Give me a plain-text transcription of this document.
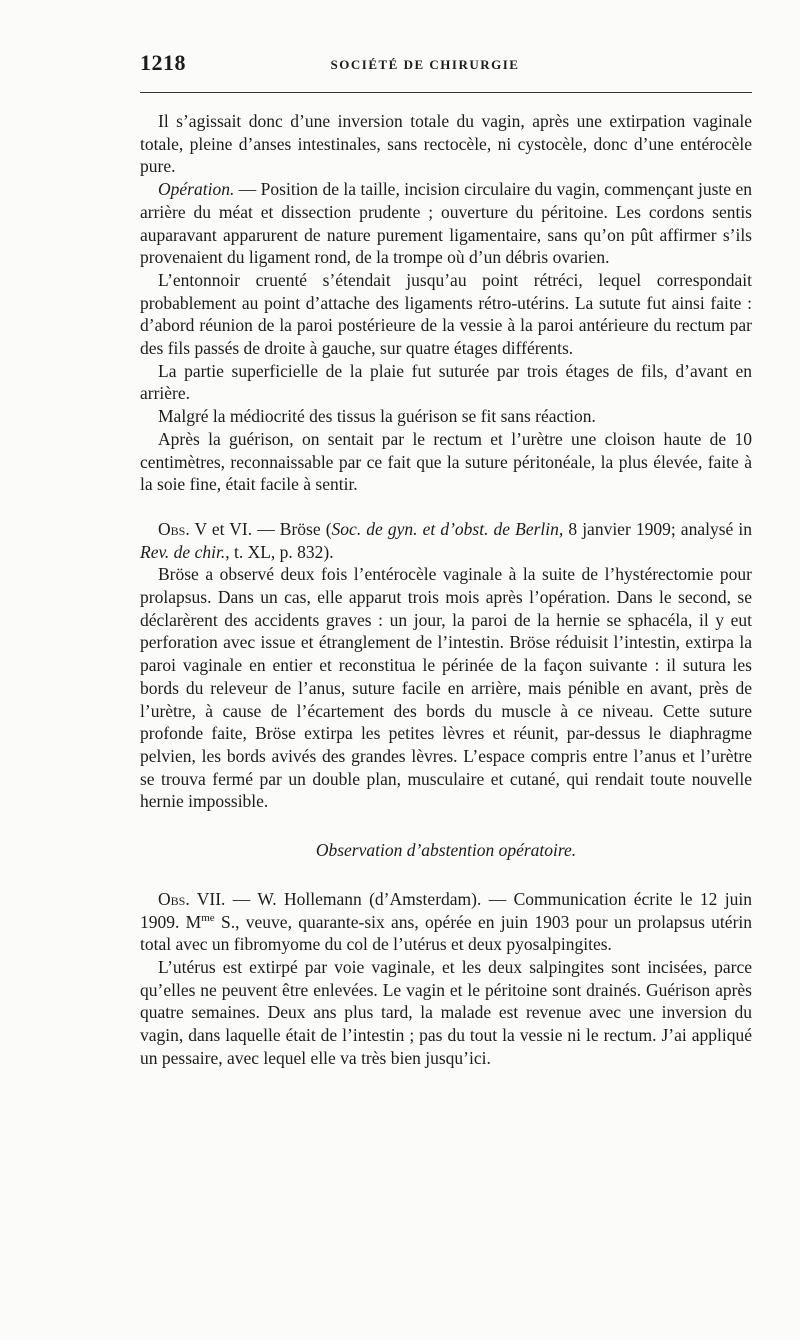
1218	SOCIÉTÉ DE CHIRURGIE

Il s’agissait donc d’une inversion totale du vagin, après une extirpation vaginale totale, pleine d’anses intestinales, sans rectocèle, ni cystocèle, donc d’une entérocèle pure.

Opération. — Position de la taille, incision circulaire du vagin, commençant juste en arrière du méat et dissection prudente ; ouverture du péritoine. Les cordons sentis auparavant apparurent de nature purement ligamentaire, sans qu’on pût affirmer s’ils provenaient du ligament rond, de la trompe où d’un débris ovarien.

L’entonnoir cruenté s’étendait jusqu’au point rétréci, lequel correspondait probablement au point d’attache des ligaments rétro-utérins. La sutute fut ainsi faite : d’abord réunion de la paroi postérieure de la vessie à la paroi antérieure du rectum par des fils passés de droite à gauche, sur quatre étages différents.

La partie superficielle de la plaie fut suturée par trois étages de fils, d’avant en arrière.

Malgré la médiocrité des tissus la guérison se fit sans réaction.

Après la guérison, on sentait par le rectum et l’urètre une cloison haute de 10 centimètres, reconnaissable par ce fait que la suture péritonéale, la plus élevée, faite à la soie fine, était facile à sentir.

Obs. V et VI. — Bröse (Soc. de gyn. et d’obst. de Berlin, 8 janvier 1909; analysé in Rev. de chir., t. XL, p. 832).

Bröse a observé deux fois l’entérocèle vaginale à la suite de l’hystérectomie pour prolapsus. Dans un cas, elle apparut trois mois après l’opération. Dans le second, se déclarèrent des accidents graves : un jour, la paroi de la hernie se sphacéla, il y eut perforation avec issue et étranglement de l’intestin. Bröse réduisit l’intestin, extirpa la paroi vaginale en entier et reconstitua le périnée de la façon suivante : il sutura les bords du releveur de l’anus, suture facile en arrière, mais pénible en avant, près de l’urètre, à cause de l’écartement des bords du muscle à ce niveau. Cette suture profonde faite, Bröse extirpa les petites lèvres et réunit, par-dessus le diaphragme pelvien, les bords avivés des grandes lèvres. L’espace compris entre l’anus et l’urètre se trouva fermé par un double plan, musculaire et cutané, qui rendait toute nouvelle hernie impossible.

Observation d’abstention opératoire.

Obs. VII. — W. Hollemann (d’Amsterdam). — Communication écrite le 12 juin 1909. $M^{me}$ S., veuve, quarante-six ans, opérée en juin 1903 pour un prolapsus utérin total avec un fibromyome du col de l’utérus et deux pyosalpingites.

L’utérus est extirpé par voie vaginale, et les deux salpingites sont incisées, parce qu’elles ne peuvent être enlevées. Le vagin et le péritoine sont drainés. Guérison après quatre semaines. Deux ans plus tard, la malade est revenue avec une inversion du vagin, dans laquelle était de l’intestin ; pas du tout la vessie ni le rectum. J’ai appliqué un pessaire, avec lequel elle va très bien jusqu’ici.
